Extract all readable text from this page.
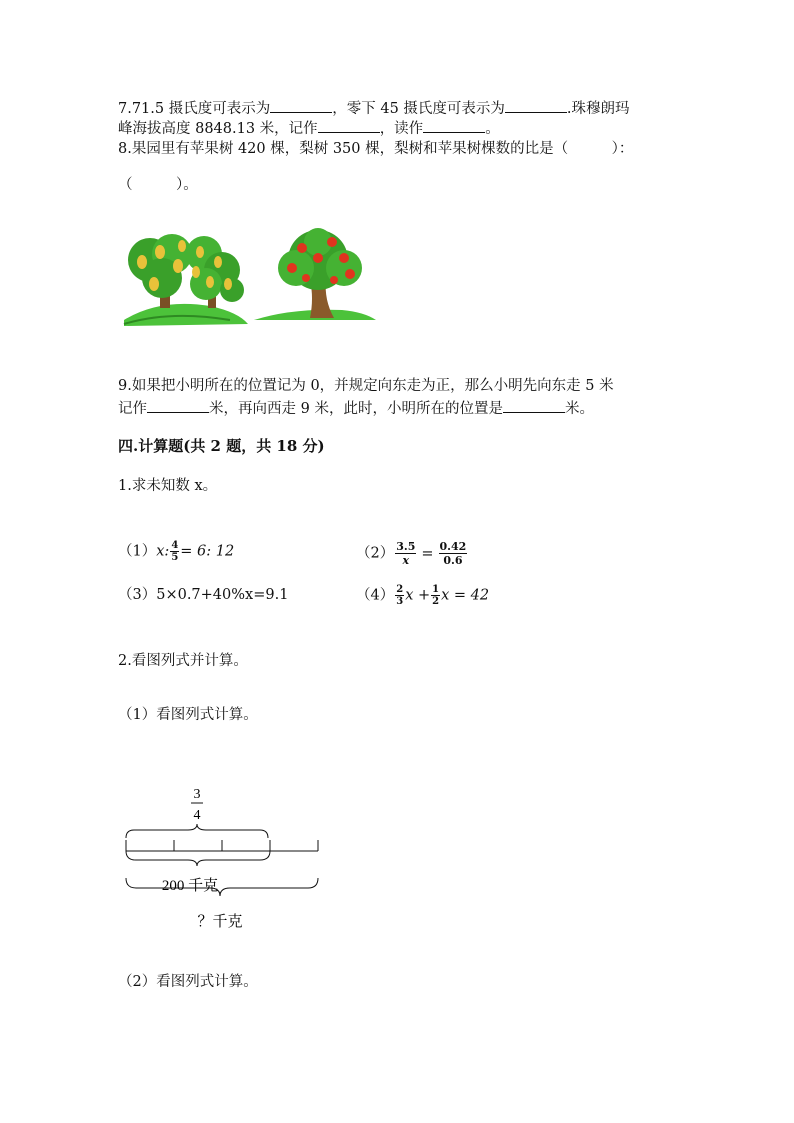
7.71.5 摄氏度可表示为	，零下 45 摄氏度可表示为	.珠穆朗玛
峰海拔高度 8848.13 米，记作	，读作	。
8.果园里有苹果树 420 棵，梨树 350 棵，梨树和苹果树棵数的比是（　　　）：
（　　　）。
9.如果把小明所在的位置记为 0，并规定向东走为正，那么小明先向东走 5 米
记作	米，再向西走 9 米，此时，小明所在的位置是	米。
四.计算题(共 2 题，共 18 分)
1.求未知数 x。
（1）x: $\frac{4}{5} = 6$: 12	$(2) \frac{3.5}{x} = \frac{0.42}{0.6}$
（3）5×0.7+40%x=9.1	$(4) \frac{2}{3}$ $x + \frac{1}{2}$ x = 42
2.看图列式并计算。
（1）看图列式计算。
3
4
200 千克
？千克
（2）看图列式计算。
